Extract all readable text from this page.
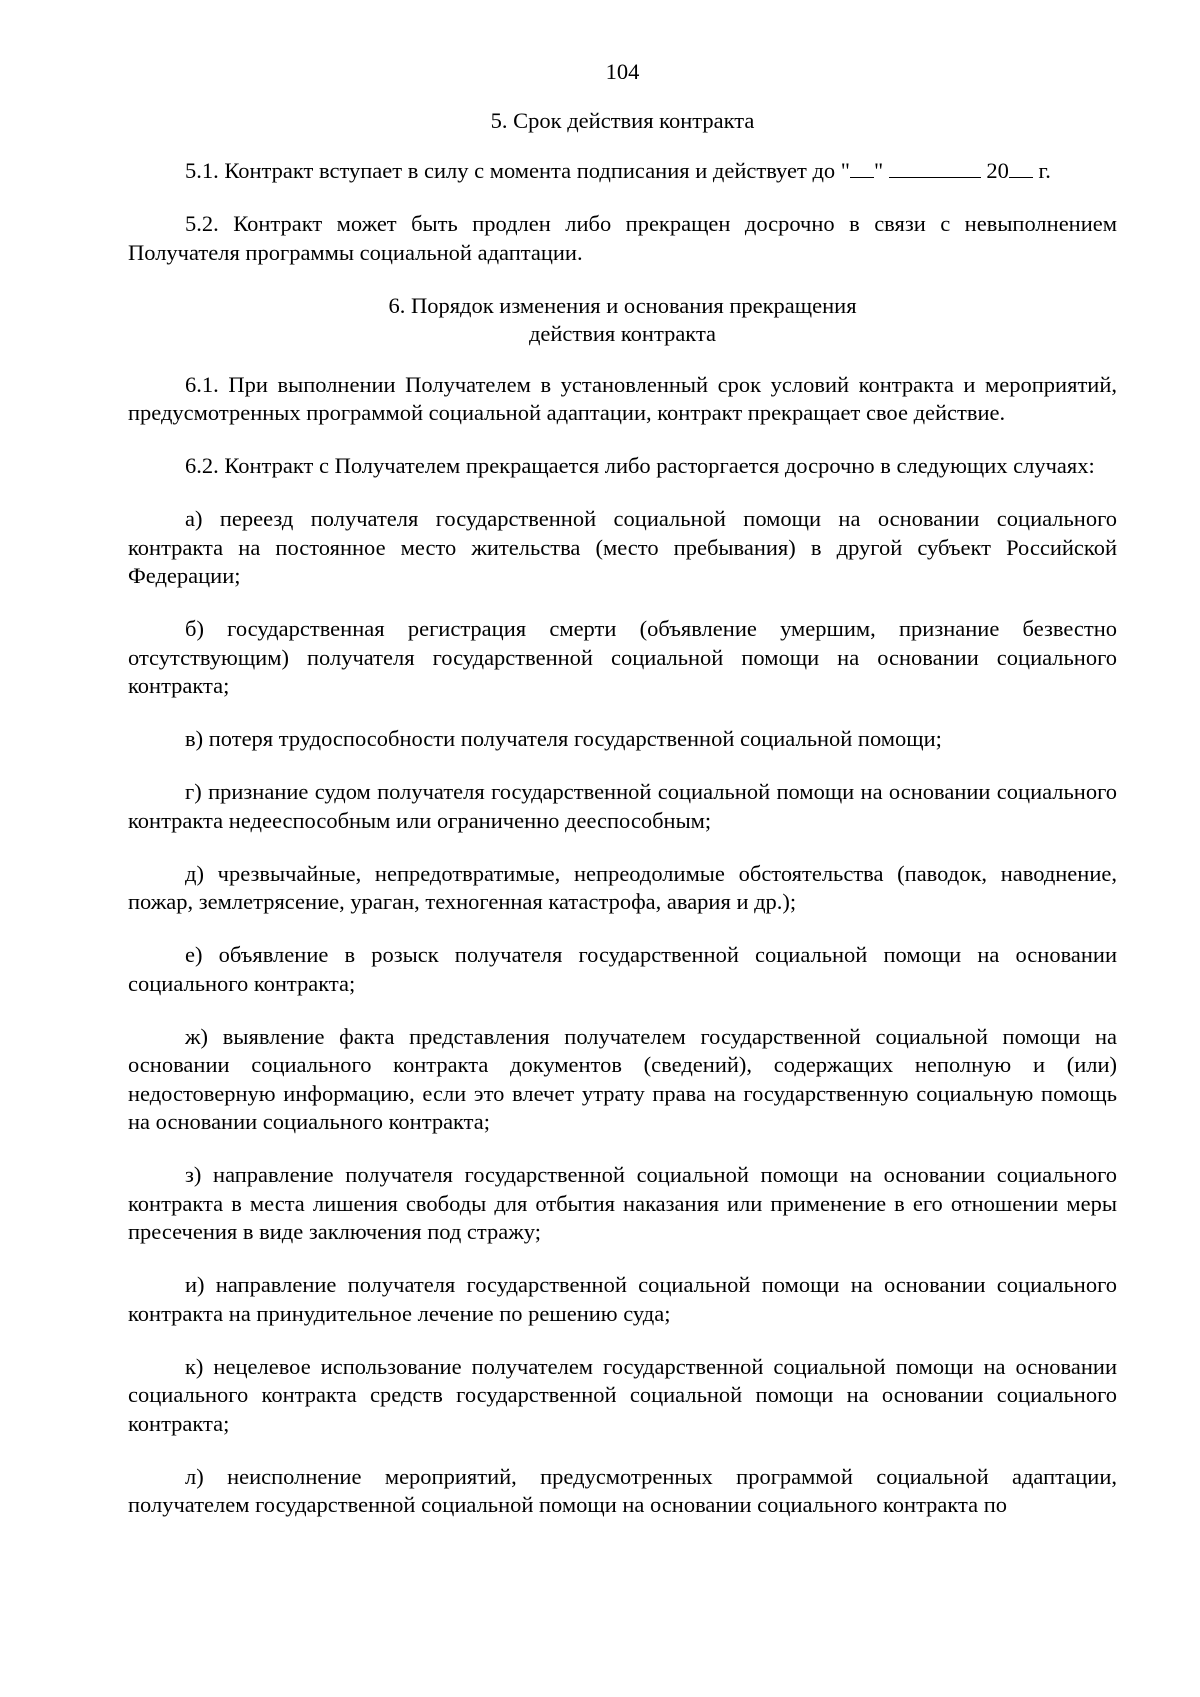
104
5. Срок действия контракта

5.1. Контракт вступает в силу с момента подписания и действует до " "	20 г.

5.2. Контракт может быть продлен либо прекращен досрочно в связи с невыполнением Получателя программы социальной адаптации.

6. Порядок изменения и основания прекращения
действия контракта

6.1. При выполнении Получателем в установленный срок условий контракта и мероприятий, предусмотренных программой социальной адаптации, контракт прекращает свое действие.

6.2. Контракт с Получателем прекращается либо расторгается досрочно в следующих случаях:

а) переезд получателя государственной социальной помощи на основании социального контракта на постоянное место жительства (место пребывания) в другой субъект Российской Федерации;

б) государственная регистрация смерти (объявление умершим, признание безвестно отсутствующим) получателя государственной социальной помощи на основании социального контракта;

в) потеря трудоспособности получателя государственной социальной помощи;

г) признание судом получателя государственной социальной помощи на основании социального контракта недееспособным или ограниченно дееспособным;

д) чрезвычайные, непредотвратимые, непреодолимые обстоятельства (паводок, наводнение, пожар, землетрясение, ураган, техногенная катастрофа, авария и др.);

е) объявление в розыск получателя государственной социальной помощи на основании социального контракта;

ж) выявление факта представления получателем государственной социальной помощи на основании социального контракта документов (сведений), содержащих неполную и (или) недостоверную информацию, если это влечет утрату права на государственную социальную помощь на основании социального контракта;

з) направление получателя государственной социальной помощи на основании социального контракта в места лишения свободы для отбытия наказания или применение в его отношении меры пресечения в виде заключения под стражу;

и) направление получателя государственной социальной помощи на основании социального контракта на принудительное лечение по решению суда;

к) нецелевое использование получателем государственной социальной помощи на основании социального контракта средств государственной социальной помощи на основании социального контракта;

л) неисполнение мероприятий, предусмотренных программой социальной адаптации, получателем государственной социальной помощи на основании социального контракта по
